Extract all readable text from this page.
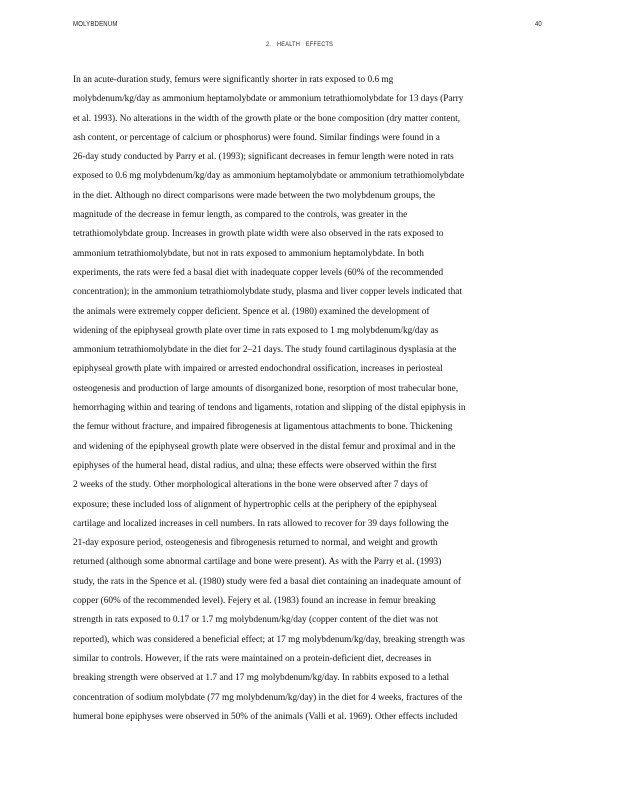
MOLYBDENUM	40
2. HEALTH EFFECTS
In an acute-duration study, femurs were significantly shorter in rats exposed to 0.6 mg
molybdenum/kg/day as ammonium heptamolybdate or ammonium tetrathiomolybdate for 13 days (Parry
et al. 1993). No alterations in the width of the growth plate or the bone composition (dry matter content,
ash content, or percentage of calcium or phosphorus) were found. Similar findings were found in a
26-day study conducted by Parry et al. (1993); significant decreases in femur length were noted in rats
exposed to 0.6 mg molybdenum/kg/day as ammonium heptamolybdate or ammonium tetrathiomolybdate
in the diet. Although no direct comparisons were made between the two molybdenum groups, the
magnitude of the decrease in femur length, as compared to the controls, was greater in the
tetrathiomolybdate group. Increases in growth plate width were also observed in the rats exposed to
ammonium tetrathiomolybdate, but not in rats exposed to ammonium heptamolybdate. In both
experiments, the rats were fed a basal diet with inadequate copper levels (60% of the recommended
concentration); in the ammonium tetrathiomolybdate study, plasma and liver copper levels indicated that
the animals were extremely copper deficient. Spence et al. (1980) examined the development of
widening of the epiphyseal growth plate over time in rats exposed to 1 mg molybdenum/kg/day as
ammonium tetrathiomolybdate in the diet for 2–21 days. The study found cartilaginous dysplasia at the
epiphyseal growth plate with impaired or arrested endochondral ossification, increases in periosteal
osteogenesis and production of large amounts of disorganized bone, resorption of most trabecular bone,
hemorrhaging within and tearing of tendons and ligaments, rotation and slipping of the distal epiphysis in
the femur without fracture, and impaired fibrogenesis at ligamentous attachments to bone. Thickening
and widening of the epiphyseal growth plate were observed in the distal femur and proximal and in the
epiphyses of the humeral head, distal radius, and ulna; these effects were observed within the first
2 weeks of the study. Other morphological alterations in the bone were observed after 7 days of
exposure; these included loss of alignment of hypertrophic cells at the periphery of the epiphyseal
cartilage and localized increases in cell numbers. In rats allowed to recover for 39 days following the
21-day exposure period, osteogenesis and fibrogenesis returned to normal, and weight and growth
returned (although some abnormal cartilage and bone were present). As with the Parry et al. (1993)
study, the rats in the Spence et al. (1980) study were fed a basal diet containing an inadequate amount of
copper (60% of the recommended level). Fejery et al. (1983) found an increase in femur breaking
strength in rats exposed to 0.17 or 1.7 mg molybdenum/kg/day (copper content of the diet was not
reported), which was considered a beneficial effect; at 17 mg molybdenum/kg/day, breaking strength was
similar to controls. However, if the rats were maintained on a protein-deficient diet, decreases in
breaking strength were observed at 1.7 and 17 mg molybdenum/kg/day. In rabbits exposed to a lethal
concentration of sodium molybdate (77 mg molybdenum/kg/day) in the diet for 4 weeks, fractures of the
humeral bone epiphyses were observed in 50% of the animals (Valli et al. 1969). Other effects included
